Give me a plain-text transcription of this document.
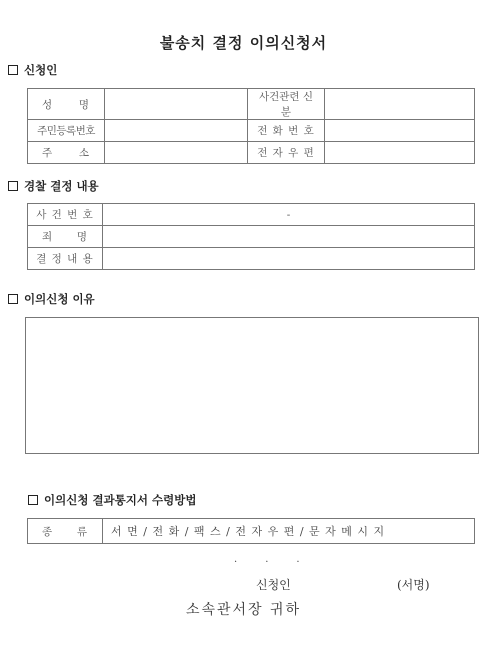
불송치 결정 이의신청서
신청인
성 명		사건관련 신분	
주민등록번호		전 화 번 호	

주 소		전 자 우 편	
경찰 결정 내용
사 건 번 호	-

죄 명	

결 정 내 용	
이의신청 이유
이의신청 결과통지서 수령방법
종 류	서 면 / 전 화 / 팩 스 / 전 자 우 편 / 문 자 메 시 지
.	.	.
신청인	(서명)
소속관서장 귀하
